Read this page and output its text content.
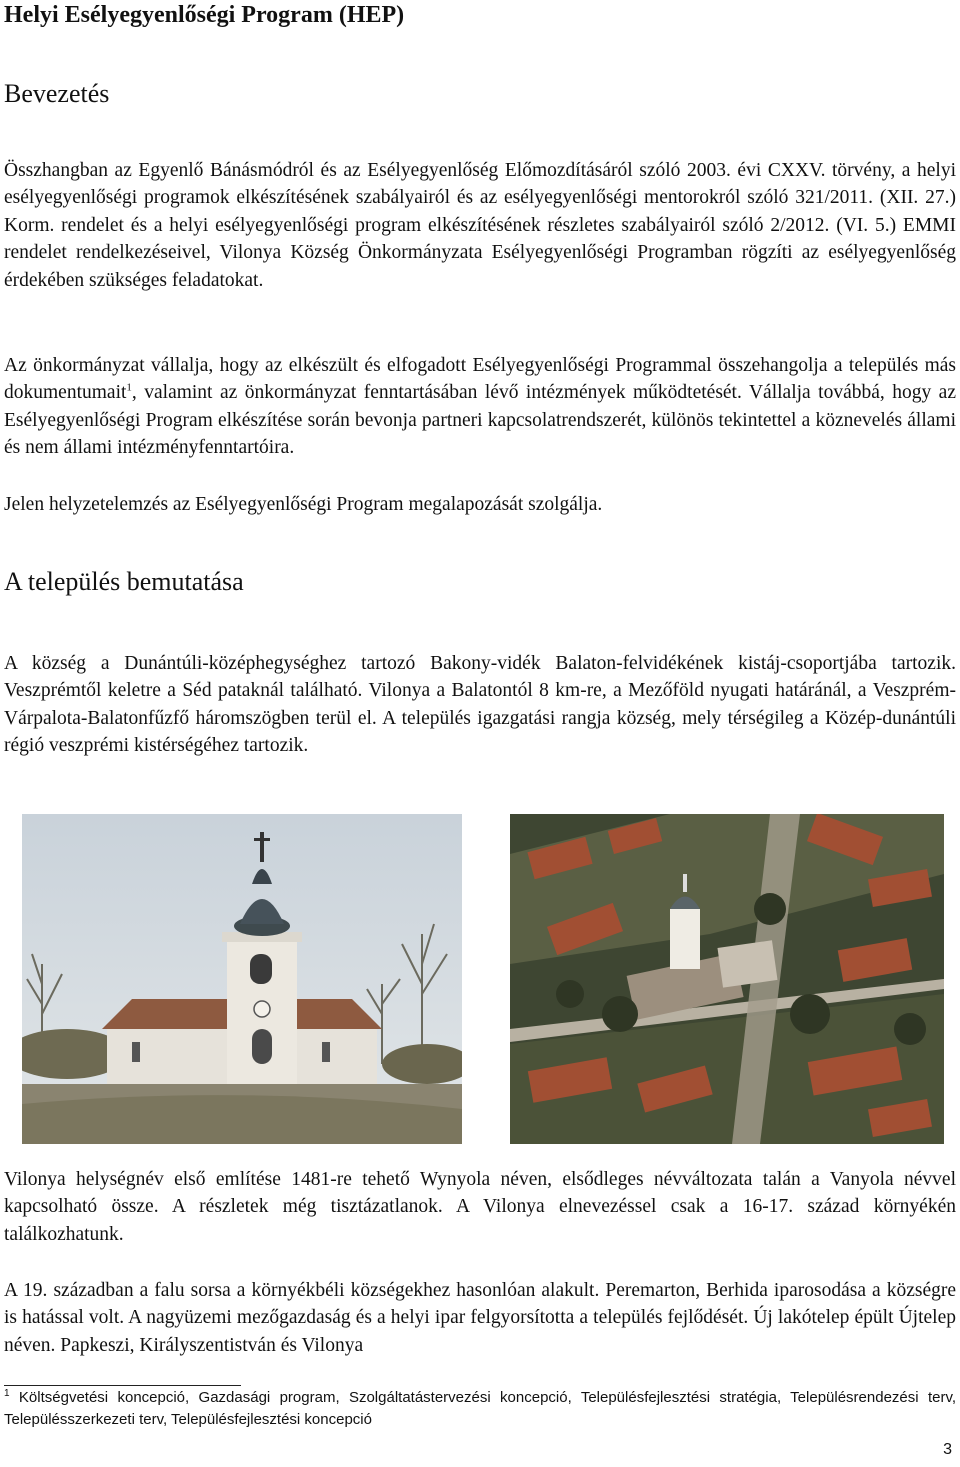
Helyi Esélyegyenlőségi Program (HEP)
Bevezetés

Összhangban az Egyenlő Bánásmódról és az Esélyegyenlőség Előmozdításáról szóló 2003. évi CXXV. törvény, a helyi esélyegyenlőségi programok elkészítésének szabályairól és az esélyegyenlőségi mentorokról szóló 321/2011. (XII. 27.) Korm. rendelet és a helyi esélyegyenlőségi program elkészítésének részletes szabályairól szóló 2/2012. (VI. 5.) EMMI rendelet rendelkezéseivel, Vilonya Község Önkormányzata Esélyegyenlőségi Programban rögzíti az esélyegyenlőség érdekében szükséges feladatokat.

Az önkormányzat vállalja, hogy az elkészült és elfogadott Esélyegyenlőségi Programmal összehangolja a település más dokumentumait$^1$, valamint az önkormányzat fenntartásában lévő intézmények működtetését. Vállalja továbbá, hogy az Esélyegyenlőségi Program elkészítése során bevonja partneri kapcsolatrendszerét, különös tekintettel a köznevelés állami és nem állami intézményfenntartóira.

Jelen helyzetelemzés az Esélyegyenlőségi Program megalapozását szolgálja.

A település bemutatása

A község a Dunántúli-középhegységhez tartozó Bakony-vidék Balaton-felvidékének kistáj-csoportjába tartozik. Veszprémtől keletre a Séd pataknál található. Vilonya a Balatontól 8 km-re, a Mezőföld nyugati határánál, a Veszprém-Várpalota-Balatonfűzfő háromszögben terül el. A település igazgatási rangja község, mely térségileg a Közép-dunántúli régió veszprémi kistérségéhez tartozik.

Vilonya helységnév első említése 1481-re tehető Wynyola néven, elsődleges névváltozata talán a Vanyola névvel kapcsolható össze. A részletek még tisztázatlanok. A Vilonya elnevezéssel csak a 16-17. század környékén találkozhatunk.

A 19. században a falu sorsa a környékbéli községekhez hasonlóan alakult. Peremarton, Berhida iparosodása a községre is hatással volt. A nagyüzemi mezőgazdaság és a helyi ipar felgyorsította a település fejlődését. Új lakótelep épült Újtelep néven. Papkeszi, Királyszentistván és Vilonya

$^1$ Költségvetési koncepció, Gazdasági program, Szolgáltatástervezési koncepció, Településfejlesztési stratégia, Településrendezési terv, Településszerkezeti terv, Településfejlesztési koncepció

3
